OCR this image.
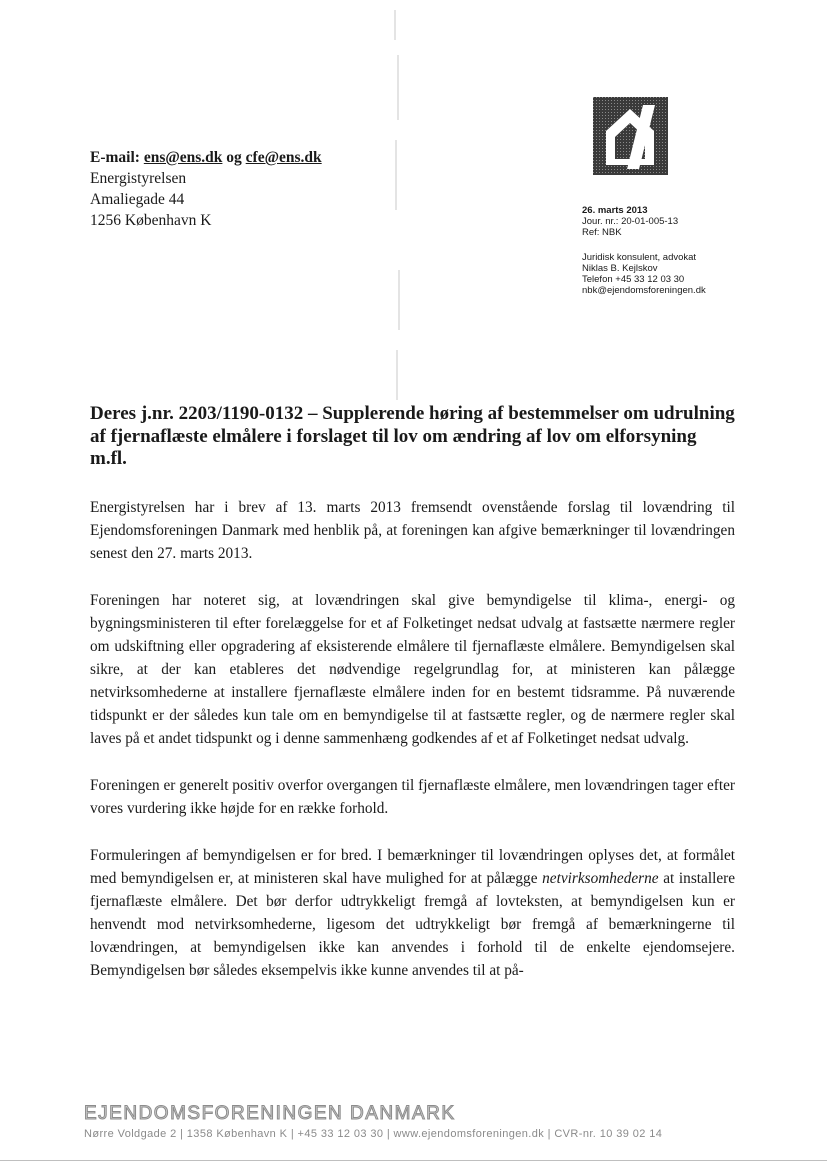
E-mail: ens@ens.dk og cfe@ens.dk
Energistyrelsen
Amaliegade 44
1256 København K
26. marts 2013
Jour. nr.: 20-01-005-13
Ref: NBK
Juridisk konsulent, advokat
Niklas B. Kejlskov
Telefon +45 33 12 03 30
nbk@ejendomsforeningen.dk
Deres j.nr. 2203/1190-0132 – Supplerende høring af bestemmelser om udrulning af fjernaflæste elmålere i forslaget til lov om ændring af lov om elforsyning m.fl.

Energistyrelsen har i brev af 13. marts 2013 fremsendt ovenstående forslag til lovændring til Ejendomsforeningen Danmark med henblik på, at foreningen kan afgive bemærkninger til lovændringen senest den 27. marts 2013.

Foreningen har noteret sig, at lovændringen skal give bemyndigelse til klima-, energi- og bygningsministeren til efter forelæggelse for et af Folketinget nedsat udvalg at fastsætte nærmere regler om udskiftning eller opgradering af eksisterende elmålere til fjernaflæste elmålere. Bemyndigelsen skal sikre, at der kan etableres det nødvendige regelgrundlag for, at ministeren kan pålægge netvirksomhederne at installere fjernaflæste elmålere inden for en bestemt tidsramme. På nuværende tidspunkt er der således kun tale om en bemyndigelse til at fastsætte regler, og de nærmere regler skal laves på et andet tidspunkt og i denne sammenhæng godkendes af et af Folketinget nedsat udvalg.

Foreningen er generelt positiv overfor overgangen til fjernaflæste elmålere, men lovændringen tager efter vores vurdering ikke højde for en række forhold.

Formuleringen af bemyndigelsen er for bred. I bemærkninger til lovændringen oplyses det, at formålet med bemyndigelsen er, at ministeren skal have mulighed for at pålægge netvirksomhederne at installere fjernaflæste elmålere. Det bør derfor udtrykkeligt fremgå af lovteksten, at bemyndigelsen kun er henvendt mod netvirksomhederne, ligesom det udtrykkeligt bør fremgå af bemærkningerne til lovændringen, at bemyndigelsen ikke kan anvendes i forhold til de enkelte ejendomsejere. Bemyndigelsen bør således eksempelvis ikke kunne anvendes til at på-

EJENDOMSFORENINGEN DANMARK
Nørre Voldgade 2 | 1358 København K | +45 33 12 03 30 | www.ejendomsforeningen.dk | CVR-nr. 10 39 02 14
